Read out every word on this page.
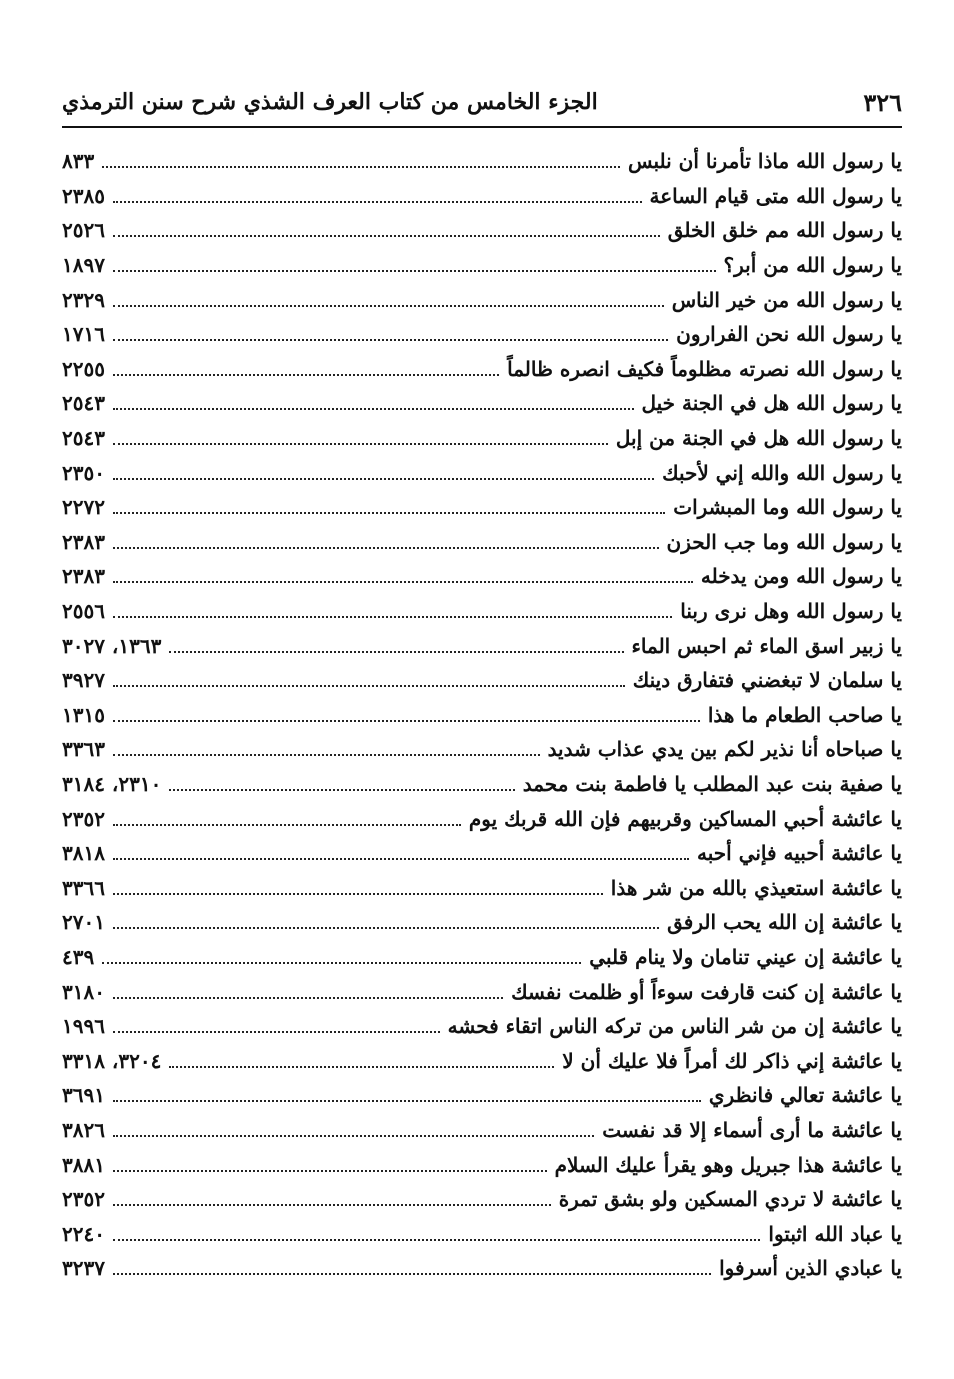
٣٢٦
الجزء الخامس من كتاب العرف الشذي شرح سنن الترمذي
يا رسول الله ماذا تأمرنا أن نلبس
٨٣٣
يا رسول الله متى قيام الساعة
٢٣٨٥
يا رسول الله مم خلق الخلق
٢٥٢٦
يا رسول الله من أبر؟
١٨٩٧
يا رسول الله من خير الناس
٢٣٢٩
يا رسول الله نحن الفرارون
١٧١٦
يا رسول الله نصرته مظلوماً فكيف انصره ظالماً
٢٢٥٥
يا رسول الله هل في الجنة خيل
٢٥٤٣
يا رسول الله هل في الجنة من إبل
٢٥٤٣
يا رسول الله والله إني لأحبك
٢٣٥٠
يا رسول الله وما المبشرات
٢٢٧٢
يا رسول الله وما جب الحزن
٢٣٨٣
يا رسول الله ومن يدخله
٢٣٨٣
يا رسول الله وهل نرى ربنا
٢٥٥٦
يا زبير اسق الماء ثم احبس الماء
١٣٦٣، ٣٠٢٧
يا سلمان لا تبغضني فتفارق دينك
٣٩٢٧
يا صاحب الطعام ما هذا
١٣١٥
يا صباحاه أنا نذير لكم بين يدي عذاب شديد
٣٣٦٣
يا صفية بنت عبد المطلب يا فاطمة بنت محمد
٢٣١٠، ٣١٨٤
يا عائشة أحبي المساكين وقربيهم فإن الله قربك يوم
٢٣٥٢
يا عائشة أحبيه فإني أحبه
٣٨١٨
يا عائشة استعيذي بالله من شر هذا
٣٣٦٦
يا عائشة إن الله يحب الرفق
٢٧٠١
يا عائشة إن عيني تنامان ولا ينام قلبي
٤٣٩
يا عائشة إن كنت قارفت سوءاً أو ظلمت نفسك
٣١٨٠
يا عائشة إن من شر الناس من تركه الناس اتقاء فحشه
١٩٩٦
يا عائشة إني ذاكر لك أمراً فلا عليك أن لا
٣٢٠٤، ٣٣١٨
يا عائشة تعالي فانظري
٣٦٩١
يا عائشة ما أرى أسماء إلا قد نفست
٣٨٢٦
يا عائشة هذا جبريل وهو يقرأ عليك السلام
٣٨٨١
يا عائشة لا تردي المسكين ولو بشق تمرة
٢٣٥٢
يا عباد الله اثبتوا
٢٢٤٠
يا عبادي الذين أسرفوا
٣٢٣٧
